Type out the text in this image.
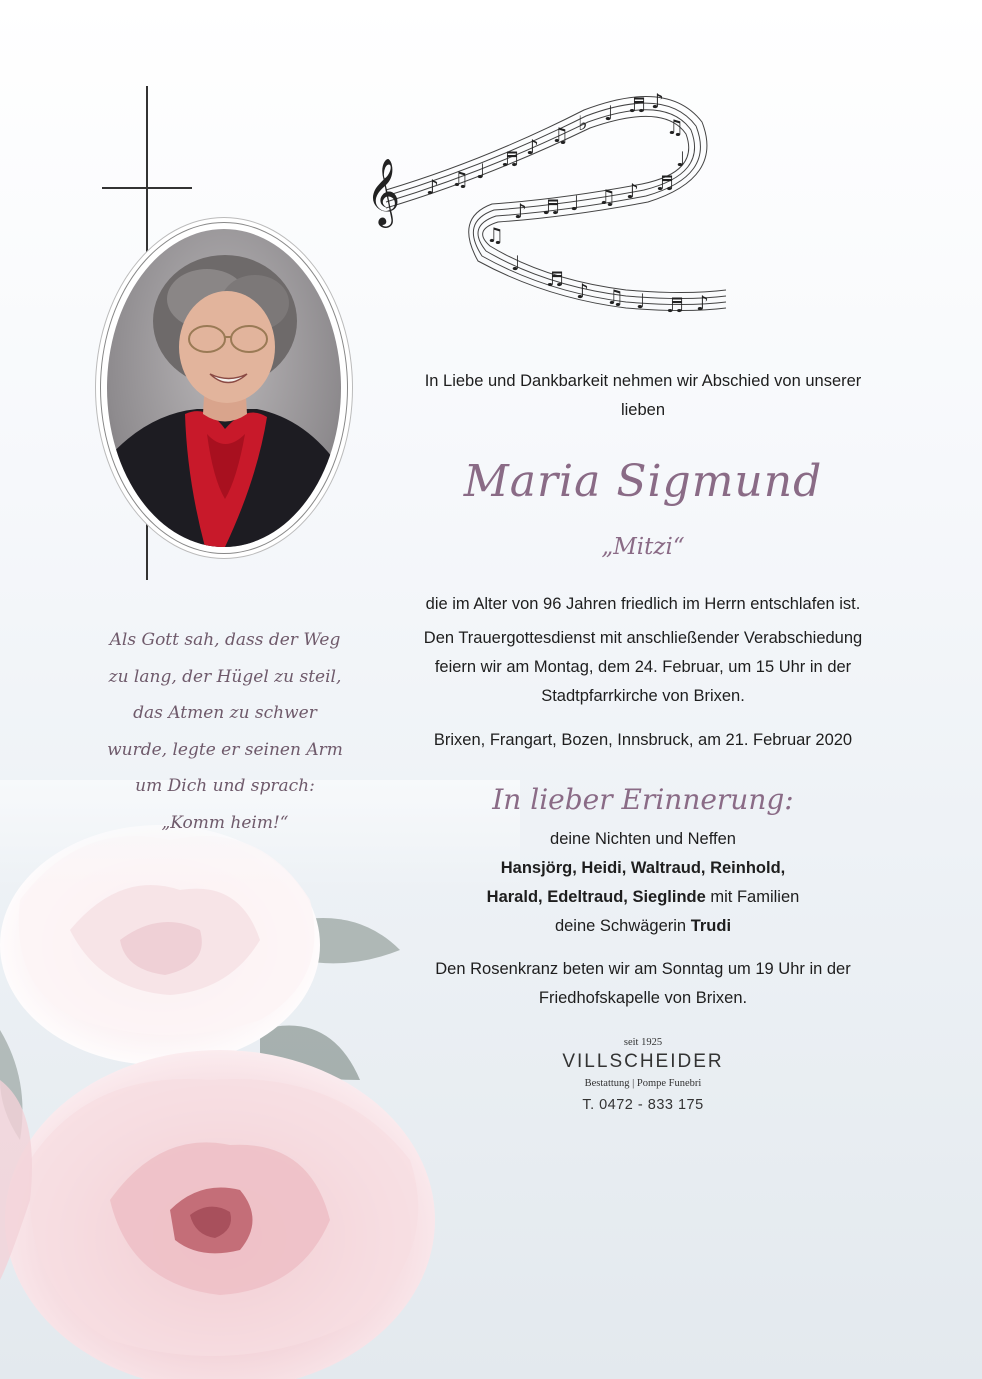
𝄞 ♪ ♫ ♩ ♬ ♪ ♫ ♭ ♩ ♬ ♪
♫
♩
♬
♪
♫
♩
♬
♪
♫
♩
♬ ♪ ♫ ♩ ♬ ♪
Als Gott sah, dass der Weg
zu lang, der Hügel zu steil,
das Atmen zu schwer
wurde, legte er seinen Arm
um Dich und sprach:
„Komm heim!“
In Liebe und Dankbarkeit nehmen wir Abschied von unserer
lieben
Maria Sigmund
„Mitzi“
die im Alter von 96 Jahren friedlich im Herrn entschlafen ist.
Den Trauergottesdienst mit anschließender Verabschiedung
feiern wir am Montag, dem 24. Februar, um 15 Uhr in der
Stadtpfarrkirche von Brixen.
Brixen, Frangart, Bozen, Innsbruck, am 21. Februar 2020
In lieber Erinnerung:
deine Nichten und Neffen
Hansjörg, Heidi, Waltraud, Reinhold,
Harald, Edeltraud, Sieglinde mit Familien
deine Schwägerin Trudi
Den Rosenkranz beten wir am Sonntag um 19 Uhr in der
Friedhofskapelle von Brixen.
seit 1925
VILLSCHEIDER
Bestattung | Pompe Funebri
T. 0472 - 833 175
